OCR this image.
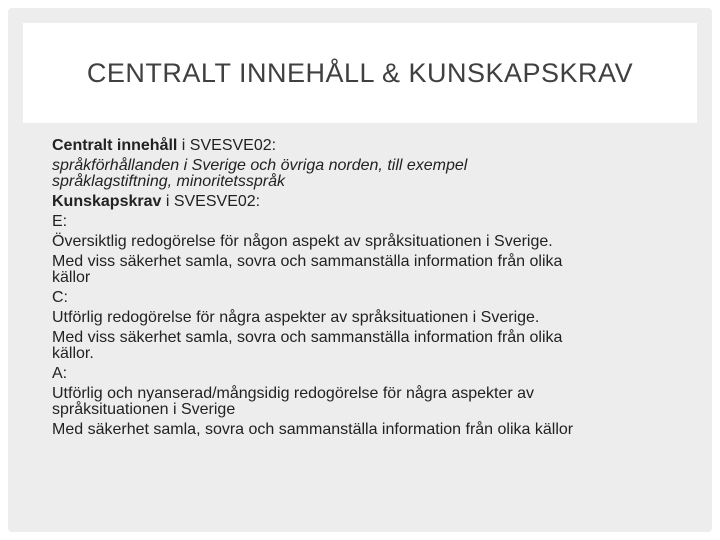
CENTRALT INNEHÅLL & KUNSKAPSKRAV
Centralt innehåll i SVESVE02:
språkförhållanden i Sverige och övriga norden, till exempel
språklagstiftning, minoritetsspråk
Kunskapskrav i SVESVE02:
E:
Översiktlig redogörelse för någon aspekt av språksituationen i Sverige.
Med viss säkerhet samla, sovra och sammanställa information från olika
källor
C:
Utförlig redogörelse för några aspekter av språksituationen i Sverige.
Med viss säkerhet samla, sovra och sammanställa information från olika
källor.
A:
Utförlig och nyanserad/mångsidig redogörelse för några aspekter av
språksituationen i Sverige
Med säkerhet samla, sovra och sammanställa information från olika källor
